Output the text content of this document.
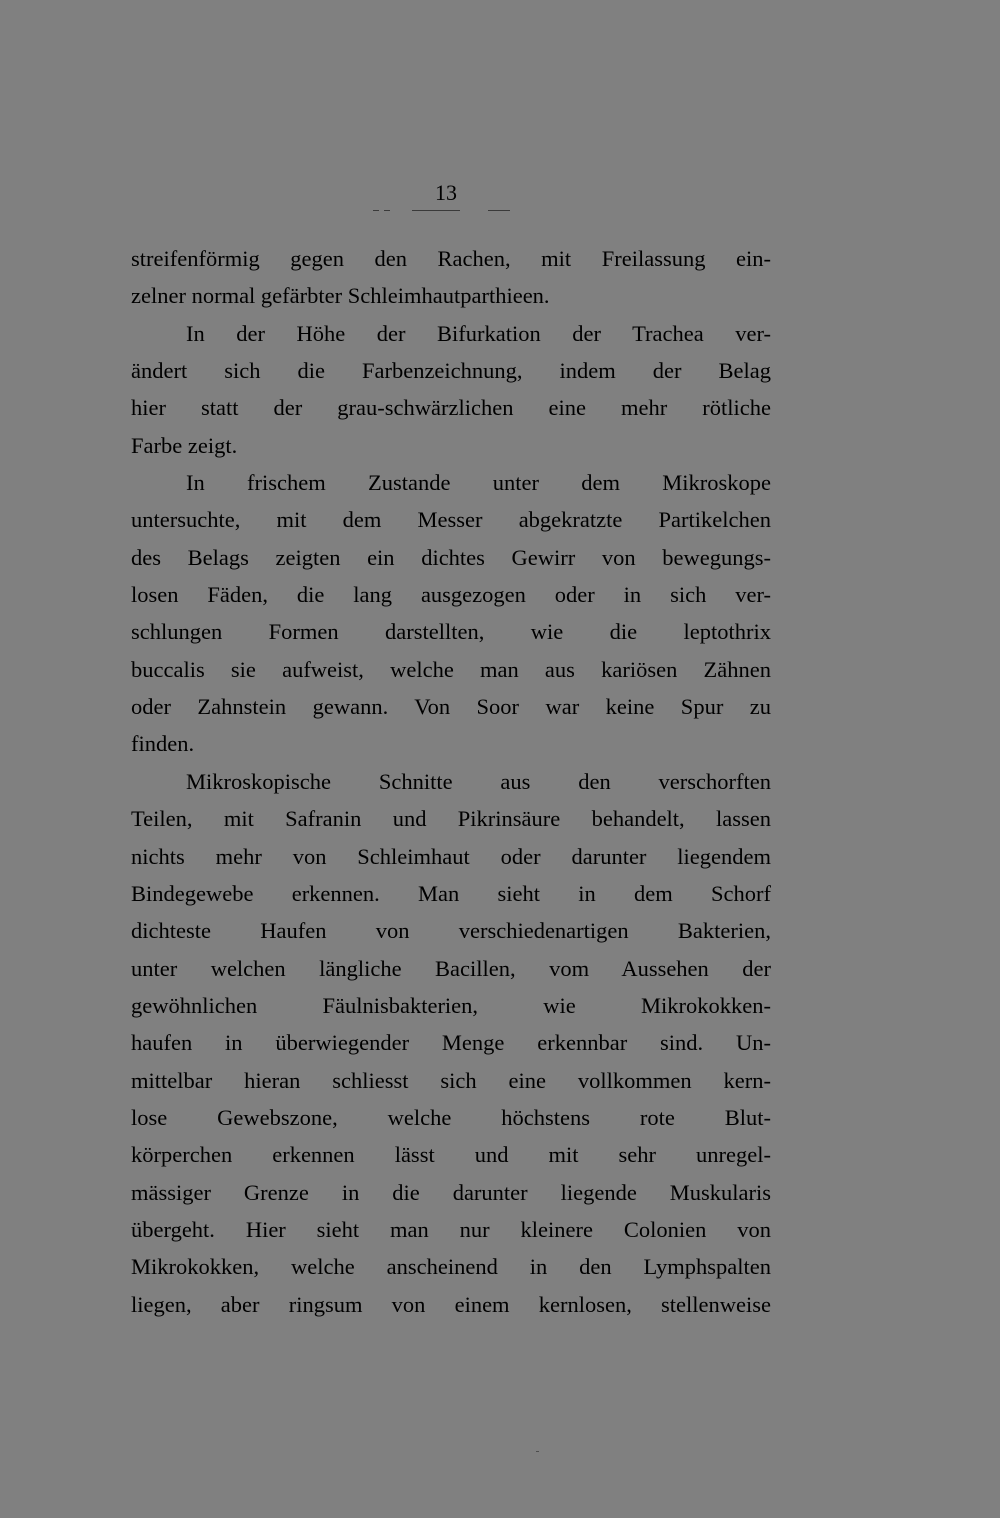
13
streifenförmig gegen den Rachen, mit Freilassung ein-
zelner normal gefärbter Schleimhautparthieen.
In der Höhe der Bifurkation der Trachea ver-
ändert sich die Farbenzeichnung, indem der Belag
hier statt der grau-schwärzlichen eine mehr rötliche
Farbe zeigt.
In frischem Zustande unter dem Mikroskope
untersuchte, mit dem Messer abgekratzte Partikelchen
des Belags zeigten ein dichtes Gewirr von bewegungs-
losen Fäden, die lang ausgezogen oder in sich ver-
schlungen Formen darstellten, wie die leptothrix
buccalis sie aufweist, welche man aus kariösen Zähnen
oder Zahnstein gewann. Von Soor war keine Spur zu
finden.
Mikroskopische Schnitte aus den verschorften
Teilen, mit Safranin und Pikrinsäure behandelt, lassen
nichts mehr von Schleimhaut oder darunter liegendem
Bindegewebe erkennen. Man sieht in dem Schorf
dichteste Haufen von verschiedenartigen Bakterien,
unter welchen längliche Bacillen, vom Aussehen der
gewöhnlichen Fäulnisbakterien, wie Mikrokokken-
haufen in überwiegender Menge erkennbar sind. Un-
mittelbar hieran schliesst sich eine vollkommen kern-
lose Gewebszone, welche höchstens rote Blut-
körperchen erkennen lässt und mit sehr unregel-
mässiger Grenze in die darunter liegende Muskularis
übergeht. Hier sieht man nur kleinere Colonien von
Mikrokokken, welche anscheinend in den Lymphspalten
liegen, aber ringsum von einem kernlosen, stellenweise
